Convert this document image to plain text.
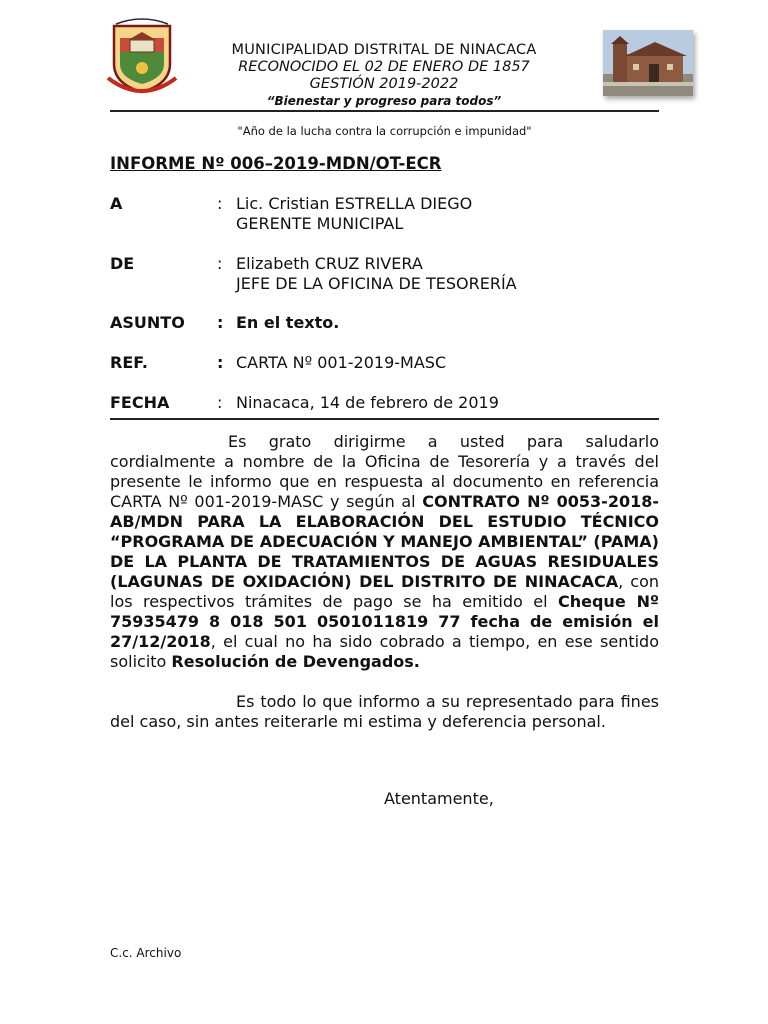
MUNICIPALIDAD DISTRITAL DE NINACACA
RECONOCIDO EL 02 DE ENERO DE 1857
GESTIÓN 2019-2022
“Bienestar y progreso para todos”
"Año de la lucha contra la corrupción e impunidad"
INFORME Nº 006–2019-MDN/OT-ECR
A	: Lic. Cristian ESTRELLA DIEGO
GERENTE MUNICIPAL
DE	: Elizabeth CRUZ RIVERA
JEFE DE LA OFICINA DE TESORERÍA
ASUNTO	: En el texto.
REF.	: CARTA Nº 001-2019-MASC
FECHA	: Ninacaca, 14 de febrero de 2019

Es grato dirigirme a usted para saludarlo cordialmente a nombre de la Oficina de Tesorería y a través del presente le informo que en respuesta al documento en referencia CARTA Nº 001-2019-MASC y según al CONTRATO Nº 0053-2018-AB/MDN PARA LA ELABORACIÓN DEL ESTUDIO TÉCNICO “PROGRAMA DE ADECUACIÓN Y MANEJO AMBIENTAL” (PAMA) DE LA PLANTA DE TRATAMIENTOS DE AGUAS RESIDUALES (LAGUNAS DE OXIDACIÓN) DEL DISTRITO DE NINACACA, con los respectivos trámites de pago se ha emitido el Cheque Nº 75935479 8 018 501 0501011819 77 fecha de emisión el 27/12/2018, el cual no ha sido cobrado a tiempo, en ese sentido solicito Resolución de Devengados.

Es todo lo que informo a su representado para fines del caso, sin antes reiterarle mi estima y deferencia personal.

Atentamente,
C.c. Archivo
